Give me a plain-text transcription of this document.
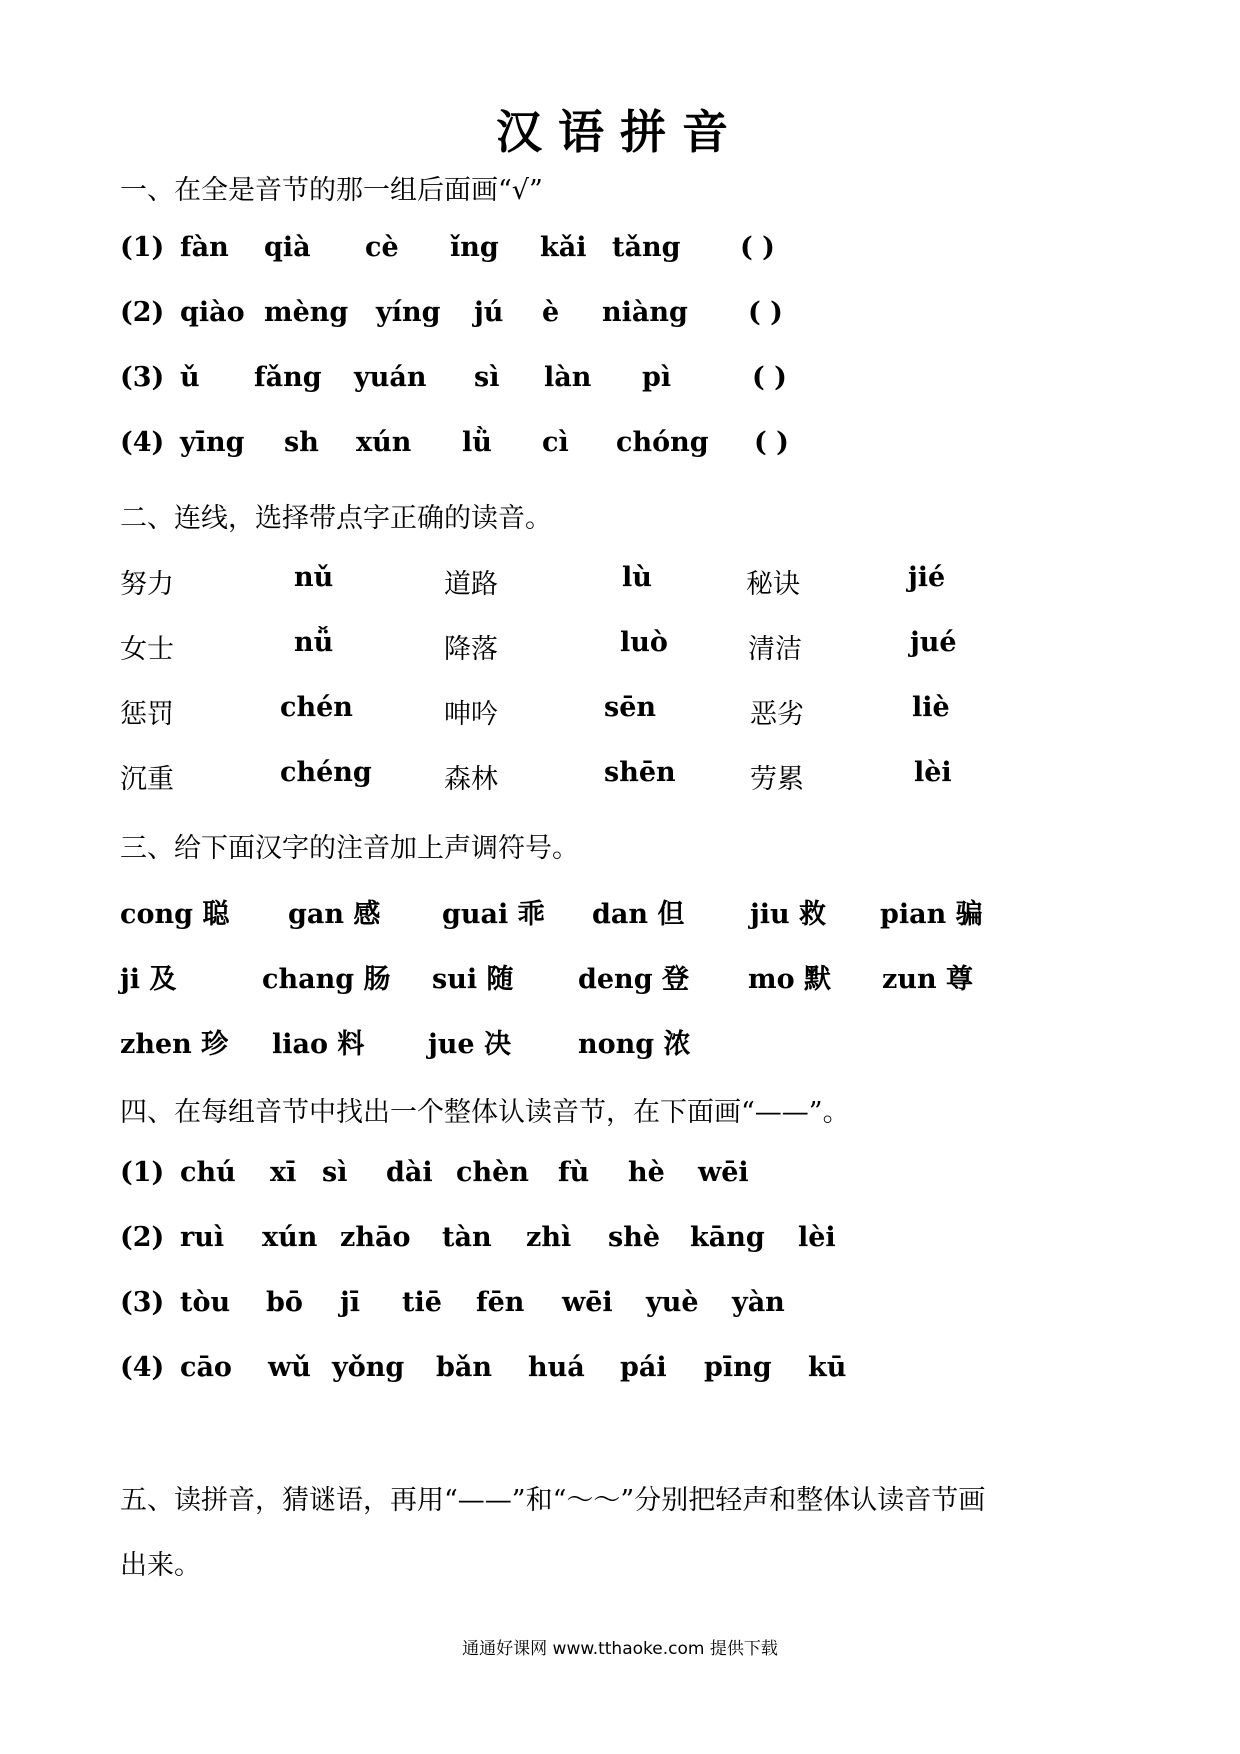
汉语拼音
一、在全是音节的那一组后面画“√”
(1) fàn qià cè ǐng kǎi tǎng ( )
(2) qiào mèng yíng jú è niàng ( )
(3) ǔ fǎng yuán sì làn pì	( )
(4) yīng sh xún lǜ cì chóng ( )
二、连线，选择带点字正确的读音。
努力	nǔ	道路	lù	秘诀	jié
女士	nǚ	降落	luò	清洁	jué
惩罚	chén	呻吟	sēn	恶劣	liè
沉重	chéng	森林	shēn	劳累	lèi
三、给下面汉字的注音加上声调符号。
cong 聪 gan 感 guai 乖 dan 但 jiu 救 pian 骗
ji 及	chang 肠 sui 随 deng 登 mo 默 zun 尊
zhen 珍 liao 料 jue 决 nong 浓
四、在每组音节中找出一个整体认读音节，在下面画“——”。
(1) chú xī sì dài chèn fù hè wēi
(2) ruì xún zhāo tàn zhì shè kāng lèi
(3) tòu bō jī tiē fēn wēi yuè yàn
(4) cāo wǔ yǒng bǎn huá pái pīng kū
五、读拼音，猜谜语，再用“——”和“～～”分别把轻声和整体认读音节画
出来。
通通好课网 www.tthaoke.com 提供下载
